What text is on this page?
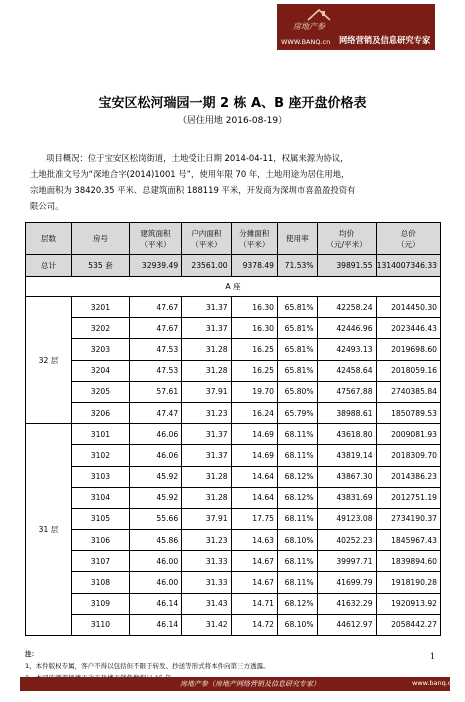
房地产参
WWW.BANQ.cn 网络营销及信息研究专家
宝安区松河瑞园一期 2 栋 A、B 座开盘价格表
（居住用地 2016-08-19）
项目概况：位于宝安区松岗街道，土地受让日期 2014-04-11，权属来源为协议，
土地批准文号为“深地合字(2014)1001 号”，使用年限 70 年，土地用途为居住用地，
宗地面积为 38420.35 平米、总建筑面积 188119 平米，开发商为深圳市喜盈盈投资有
限公司。
层数	房号	建筑面积
（平米）	户内面积
（平米）	分摊面积
（平米）	使用率	均价
（元/平米）	总价
（元）
总计	535 套	32939.49	23561.00	9378.49	71.53%	39891.55	1314007346.33
A 座							
32 层	3201	47.67	31.37	16.30	65.81%	42258.24	2014450.30
	3202	47.67	31.37	16.30	65.81%	42446.96	2023446.43
	3203	47.53	31.28	16.25	65.81%	42493.13	2019698.60
	3204	47.53	31.28	16.25	65.81%	42458.64	2018059.16
	3205	57.61	37.91	19.70	65.80%	47567.88	2740385.84
	3206	47.47	31.23	16.24	65.79%	38988.61	1850789.53
31 层	3101	46.06	31.37	14.69	68.11%	43618.80	2009081.93
	3102	46.06	31.37	14.69	68.11%	43819.14	2018309.70
	3103	45.92	31.28	14.64	68.12%	43867.30	2014386.23
	3104	45.92	31.28	14.64	68.12%	43831.69	2012751.19
	3105	55.66	37.91	17.75	68.11%	49123.08	2734190.37
	3106	45.86	31.23	14.63	68.10%	40252.23	1845967.43
	3107	46.00	31.33	14.67	68.11%	39997.71	1839894.60
	3108	46.00	31.33	14.67	68.11%	41699.79	1918190.28
	3109	46.14	31.43	14.71	68.12%	41632.29	1920913.92
	3110	46.14	31.42	14.72	68.10%	44612.97	2058442.27
注：
1、本件版权专属，客户不得以包括但不限于转发、抄送等形式将本件向第三方透露。
1
房地产参（房地产网络营销及信息研究专家）	www.banq.cn
